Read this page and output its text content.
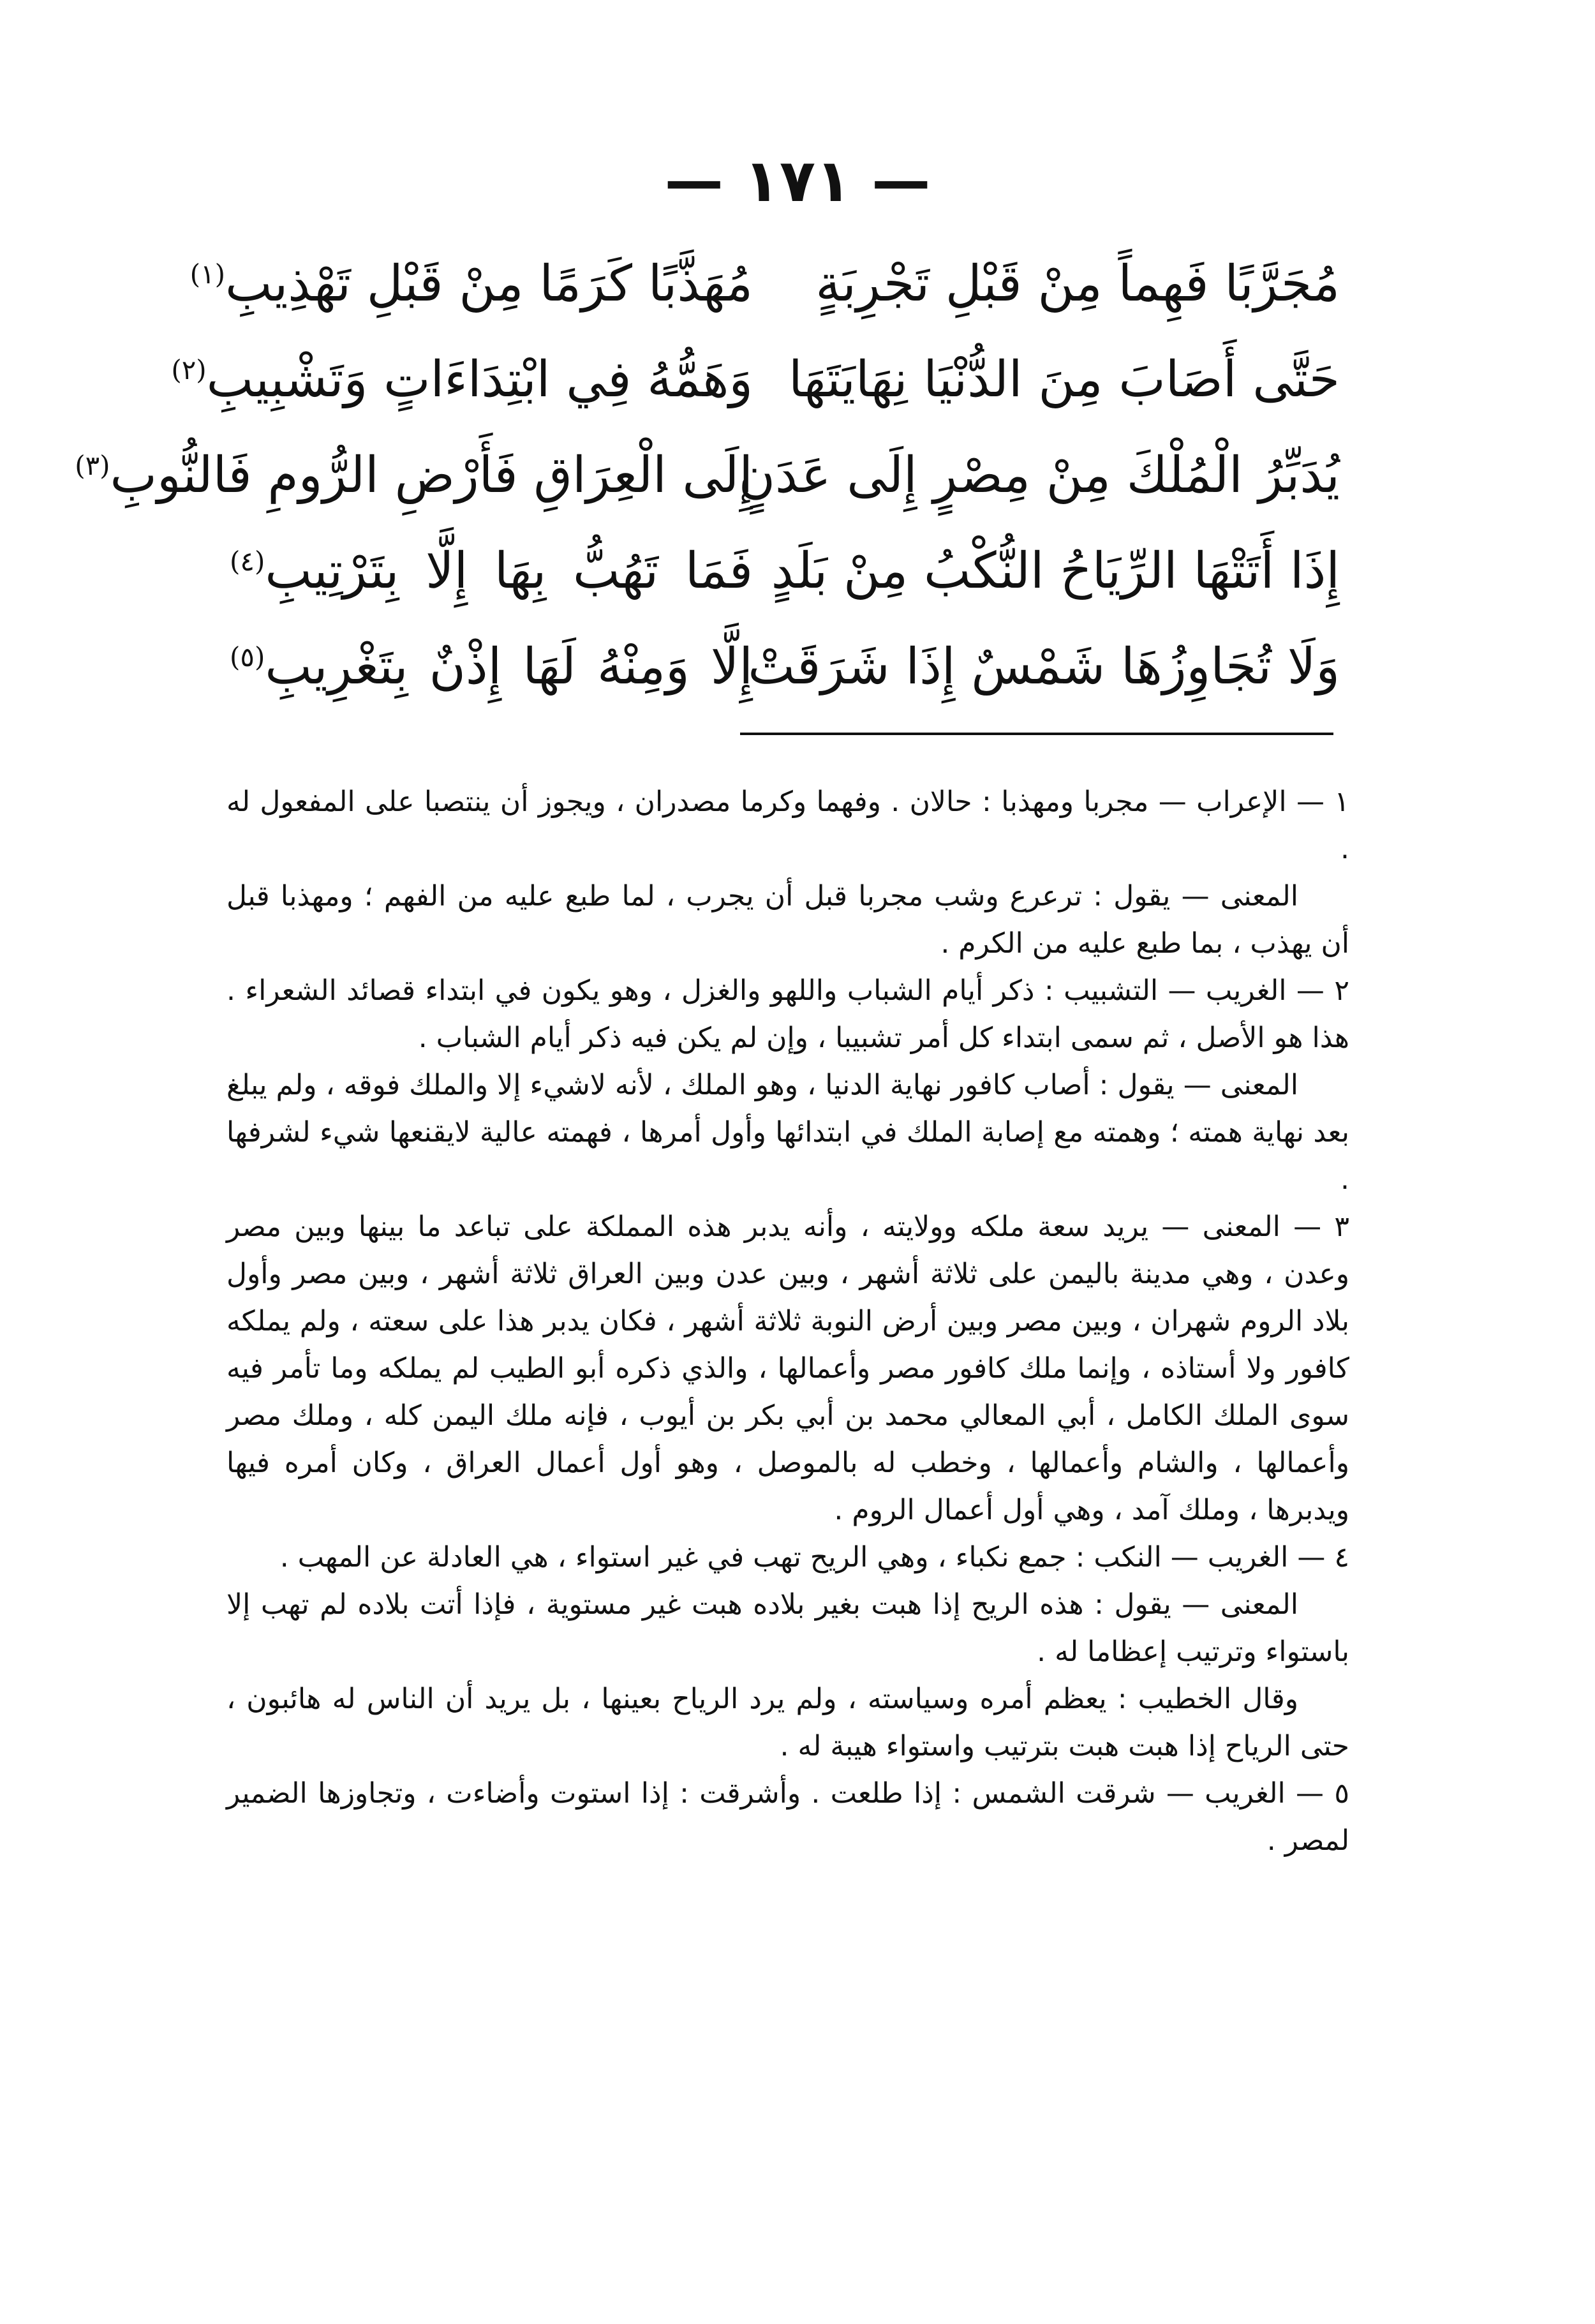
— ١٧١ —
مُجَرَّبًا فَهِماً مِنْ قَبْلِ تَجْرِبَةٍ
مُهَذَّبًا كَرَمًا مِنْ قَبْلِ تَهْذِيبِ$^{(١)}$
حَتَّى أَصَابَ مِنَ الدُّنْيَا نِهَايَتَهَا
وَهَمُّهُ فِي ابْتِدَاءَاتٍ وَتَشْبِيبِ$^{(٢)}$
يُدَبِّرُ الْمُلْكَ مِنْ مِصْرٍ إِلَى عَدَنٍ
إِلَى الْعِرَاقِ فَأَرْضِ الرُّومِ فَالنُّوبِ$^{(٣)}$
إِذَا أَتَتْهَا الرِّيَاحُ النُّكْبُ مِنْ بَلَدٍ
فَمَا تَهُبُّ بِهَا إِلَّا بِتَرْتِيبِ$^{(٤)}$
وَلَا تُجَاوِزُهَا شَمْسٌ إِذَا شَرَقَتْ
إِلَّا وَمِنْهُ لَهَا إِذْنٌ بِتَغْرِيبِ$^{(٥)}$

١ — الإعراب — مجربا ومهذبا : حالان . وفهما وكرما مصدران ، ويجوز أن ينتصبا على المفعول له .

المعنى — يقول : ترعرع وشب مجربا قبل أن يجرب ، لما طبع عليه من الفهم ؛ ومهذبا قبل أن يهذب ، بما طبع عليه من الكرم .

٢ — الغريب — التشبيب : ذكر أيام الشباب واللهو والغزل ، وهو يكون في ابتداء قصائد الشعراء . هذا هو الأصل ، ثم سمى ابتداء كل أمر تشبيبا ، وإن لم يكن فيه ذكر أيام الشباب .

المعنى — يقول : أصاب كافور نهاية الدنيا ، وهو الملك ، لأنه لاشيء إلا والملك فوقه ، ولم يبلغ بعد نهاية همته ؛ وهمته مع إصابة الملك في ابتدائها وأول أمرها ، فهمته عالية لايقنعها شيء لشرفها .

٣ — المعنى — يريد سعة ملكه وولايته ، وأنه يدبر هذه المملكة على تباعد ما بينها وبين مصر وعدن ، وهي مدينة باليمن على ثلاثة أشهر ، وبين عدن وبين العراق ثلاثة أشهر ، وبين مصر وأول بلاد الروم شهران ، وبين مصر وبين أرض النوبة ثلاثة أشهر ، فكان يدبر هذا على سعته ، ولم يملكه كافور ولا أستاذه ، وإنما ملك كافور مصر وأعمالها ، والذي ذكره أبو الطيب لم يملكه وما تأمر فيه سوى الملك الكامل ، أبي المعالي محمد بن أبي بكر بن أيوب ، فإنه ملك اليمن كله ، وملك مصر وأعمالها ، والشام وأعمالها ، وخطب له بالموصل ، وهو أول أعمال العراق ، وكان أمره فيها ويدبرها ، وملك آمد ، وهي أول أعمال الروم .

٤ — الغريب — النكب : جمع نكباء ، وهي الريح تهب في غير استواء ، هي العادلة عن المهب .

المعنى — يقول : هذه الريح إذا هبت بغير بلاده هبت غير مستوية ، فإذا أتت بلاده لم تهب إلا باستواء وترتيب إعظاما له .

وقال الخطيب : يعظم أمره وسياسته ، ولم يرد الرياح بعينها ، بل يريد أن الناس له هائبون ، حتى الرياح إذا هبت هبت بترتيب واستواء هيبة له .

٥ — الغريب — شرقت الشمس : إذا طلعت . وأشرقت : إذا استوت وأضاءت ، وتجاوزها الضمير لمصر .
